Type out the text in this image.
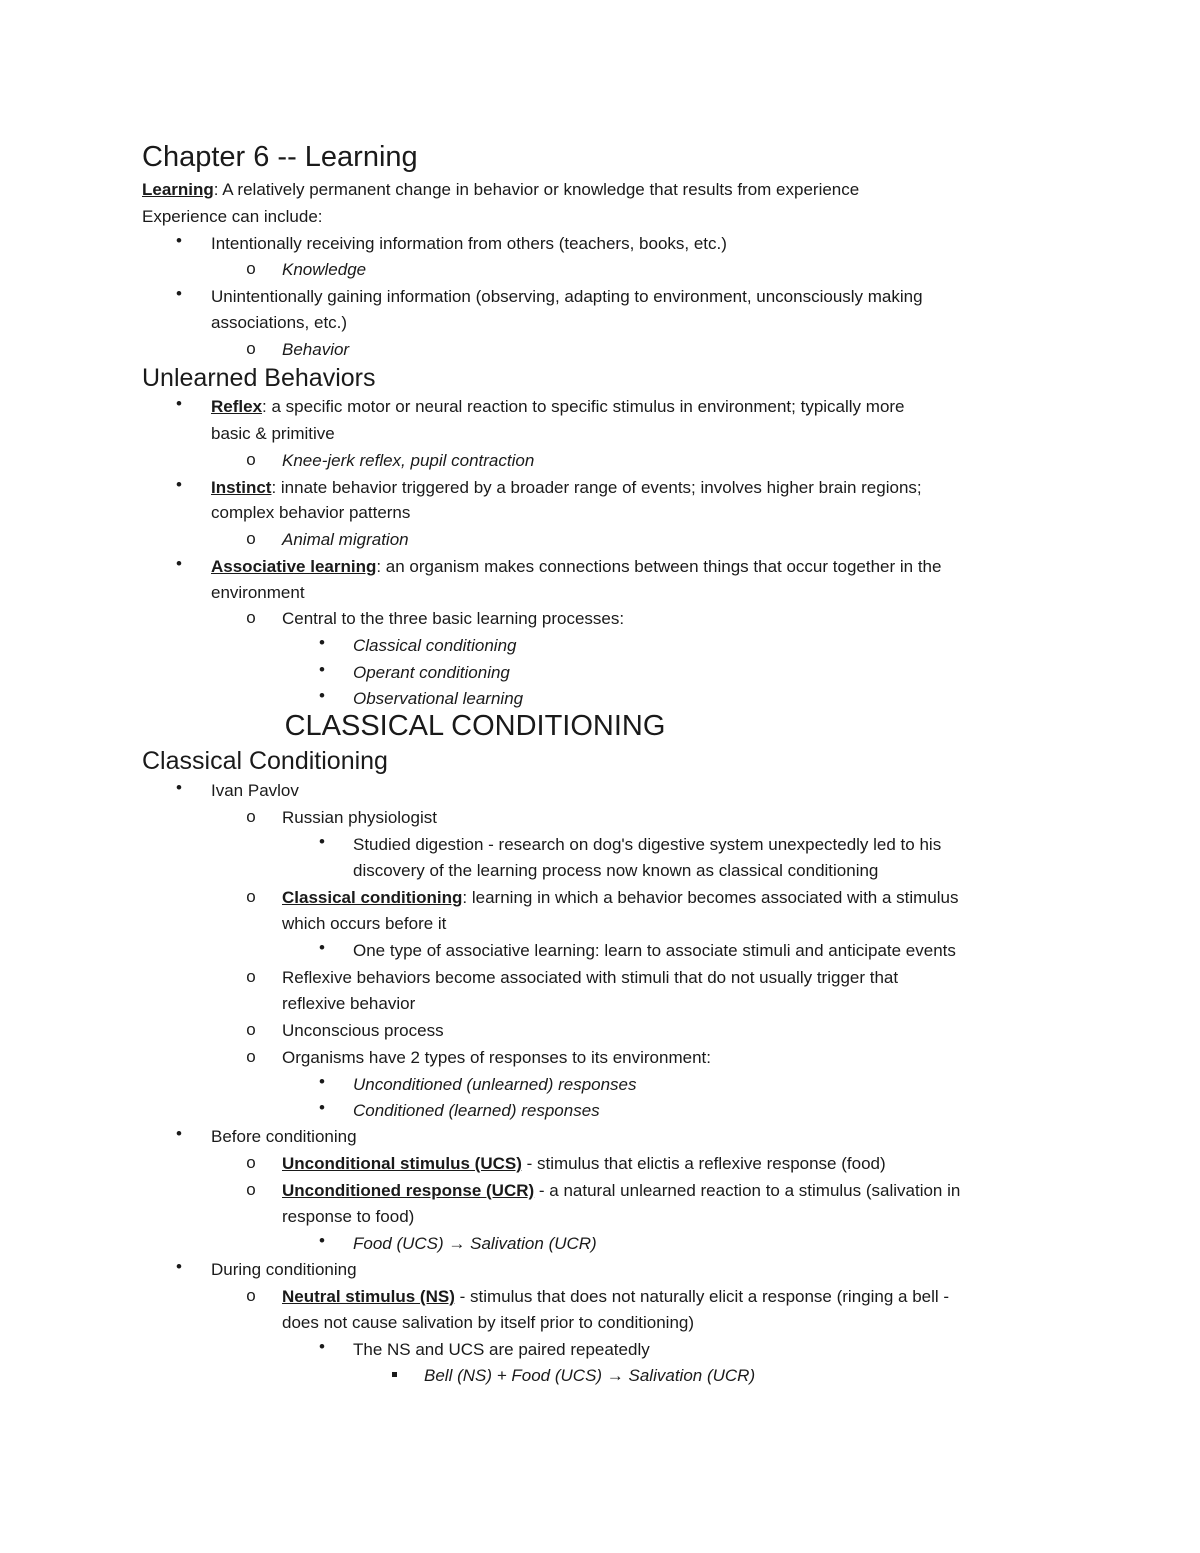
Chapter 6 -- Learning
Learning: A relatively permanent change in behavior or knowledge that results from experience
Experience can include:
• Intentionally receiving information from others (teachers, books, etc.)
o Knowledge
• Unintentionally gaining information (observing, adapting to environment, unconsciously making
associations, etc.)
o Behavior
Unlearned Behaviors
• Reflex: a specific motor or neural reaction to specific stimulus in environment; typically more
basic & primitive
o Knee-jerk reflex, pupil contraction
• Instinct: innate behavior triggered by a broader range of events; involves higher brain regions;
complex behavior patterns
o Animal migration
• Associative learning: an organism makes connections between things that occur together in the
environment
o Central to the three basic learning processes:
• Classical conditioning
• Operant conditioning
• Observational learning
CLASSICAL CONDITIONING
Classical Conditioning
• Ivan Pavlov
o Russian physiologist
• Studied digestion - research on dog's digestive system unexpectedly led to his
discovery of the learning process now known as classical conditioning
o Classical conditioning: learning in which a behavior becomes associated with a stimulus
which occurs before it
• One type of associative learning: learn to associate stimuli and anticipate events
o Reflexive behaviors become associated with stimuli that do not usually trigger that
reflexive behavior
o Unconscious process
o Organisms have 2 types of responses to its environment:
• Unconditioned (unlearned) responses
• Conditioned (learned) responses
• Before conditioning
o Unconditional stimulus (UCS) - stimulus that elictis a reflexive response (food)
o Unconditioned response (UCR) - a natural unlearned reaction to a stimulus (salivation in
response to food)
• Food (UCS) → Salivation (UCR)
• During conditioning
o Neutral stimulus (NS) - stimulus that does not naturally elicit a response (ringing a bell -
does not cause salivation by itself prior to conditioning)
• The NS and UCS are paired repeatedly
Bell (NS) + Food (UCS) → Salivation (UCR)
